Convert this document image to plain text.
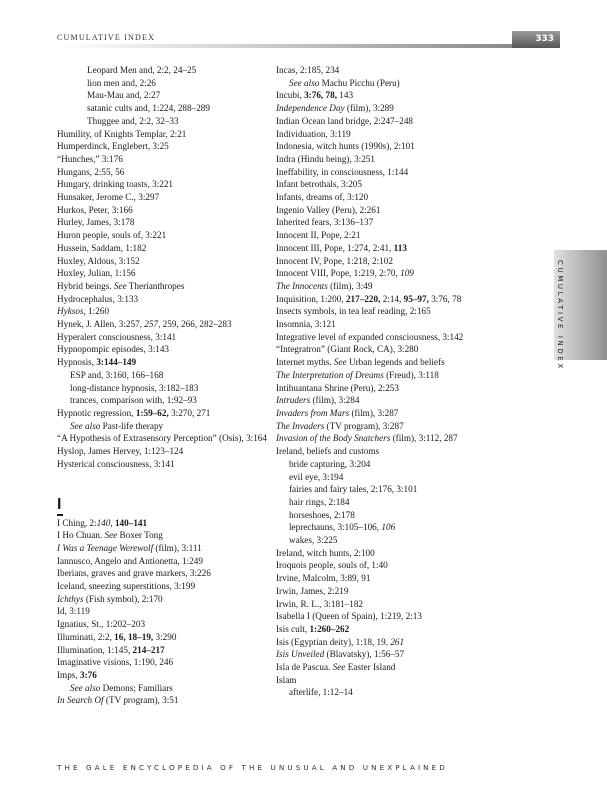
CUMULATIVE INDEX	333
CUMULATIVE INDEX
Leopard Men and, 2:2, 24–25
lion men and, 2:26
Mau-Mau and, 2:27
satanic cults and, 1:224, 288–289
Thuggee and, 2:2, 32–33
Humility, of Knights Templar, 2:21
Humperdinck, Englebert, 3:25
“Hunches,” 3:176
Hungans, 2:55, 56
Hungary, drinking toasts, 3:221
Hunsaker, Jerome C., 3:297
Hurkos, Peter, 3:166
Hurley, James, 3:178
Huron people, souls of, 3:221
Hussein, Saddam, 1:182
Huxley, Aldous, 3:152
Huxley, Julian, 1:156
Hybrid beings. See Therianthropes
Hydrocephalus, 3:133
Hyksos, 1:260
Hynek, J. Allen, 3:257, 257, 259, 266, 282–283
Hyperalert consciousness, 3:141
Hypnopompic episodes, 3:143
Hypnosis, 3:144–149
ESP and, 3:160, 166–168
long-distance hypnosis, 3:182–183
trances, comparison with, 1:92–93
Hypnotic regression, 1:59–62, 3:270, 271
See also Past-life therapy
“A Hypothesis of Extrasensory Perception” (Osis), 3:164
Hyslop, James Hervey, 1:123–124
Hysterical consciousness, 3:141
I
I Ching, 2:140, 140–141
I Ho Chuan. See Boxer Tong
I Was a Teenage Werewolf (film), 3:111
Iannusco, Angelo and Antionetta, 1:249
Iberians, graves and grave markers, 3:226
Iceland, sneezing superstitions, 3:199
Ichthys (Fish symbol), 2:170
Id, 3:119
Ignatius, St., 1:202–203
Illuminati, 2:2, 16, 18–19, 3:290
Illumination, 1:145, 214–217
Imaginative visions, 1:190, 246
Imps, 3:76
See also Demons; Familiars
In Search Of (TV program), 3:51
Incas, 2:185, 234
See also Machu Picchu (Peru)
Incubi, 3:76, 78, 143
Independence Day (film), 3:289
Indian Ocean land bridge, 2:247–248
Individuation, 3:119
Indonesia, witch hunts (1990s), 2:101
Indra (Hindu being), 3:251
Ineffability, in consciousness, 1:144
Infant betrothals, 3:205
Infants, dreams of, 3:120
Ingenio Valley (Peru), 2:261
Inherited fears, 3:136–137
Innocent II, Pope, 2:21
Innocent III, Pope, 1:274, 2:41, 113
Innocent IV, Pope, 1:218, 2:102
Innocent VIII, Pope, 1:219, 2:70, 109
The Innocents (film), 3:49
Inquisition, 1:200, 217–220, 2:14, 95–97, 3:76, 78
Insects symbols, in tea leaf reading, 2:165
Insomnia, 3:121
Integrative level of expanded consciousness, 3:142
“Integratron” (Giant Rock, CA), 3:280
Internet myths. See Urban legends and beliefs
The Interpretation of Dreams (Freud), 3:118
Intihuantana Shrine (Peru), 2:253
Intruders (film), 3:284
Invaders from Mars (film), 3:287
The Invaders (TV program), 3:287
Invasion of the Body Snatchers (film), 3:112, 287
Ireland, beliefs and customs
bride capturing, 3:204
evil eye, 3:194
fairies and fairy tales, 2:176, 3:101
hair rings, 2:184
horseshoes, 2:178
leprechauns, 3:105–106, 106
wakes, 3:225
Ireland, witch hunts, 2:100
Iroquois people, souls of, 1:40
Irvine, Malcolm, 3:89, 91
Irwin, James, 2:219
Irwin, R. L., 3:181–182
Isabella I (Queen of Spain), 1:219, 2:13
Isis cult, 1:260–262
Isis (Egyptian deity), 1:18, 19, 261
Isis Unveiled (Blavatsky), 1:56–57
Isla de Pascua. See Easter Island
Islam
afterlife, 1:12–14
THE GALE ENCYCLOPEDIA OF THE UNUSUAL AND UNEXPLAINED
